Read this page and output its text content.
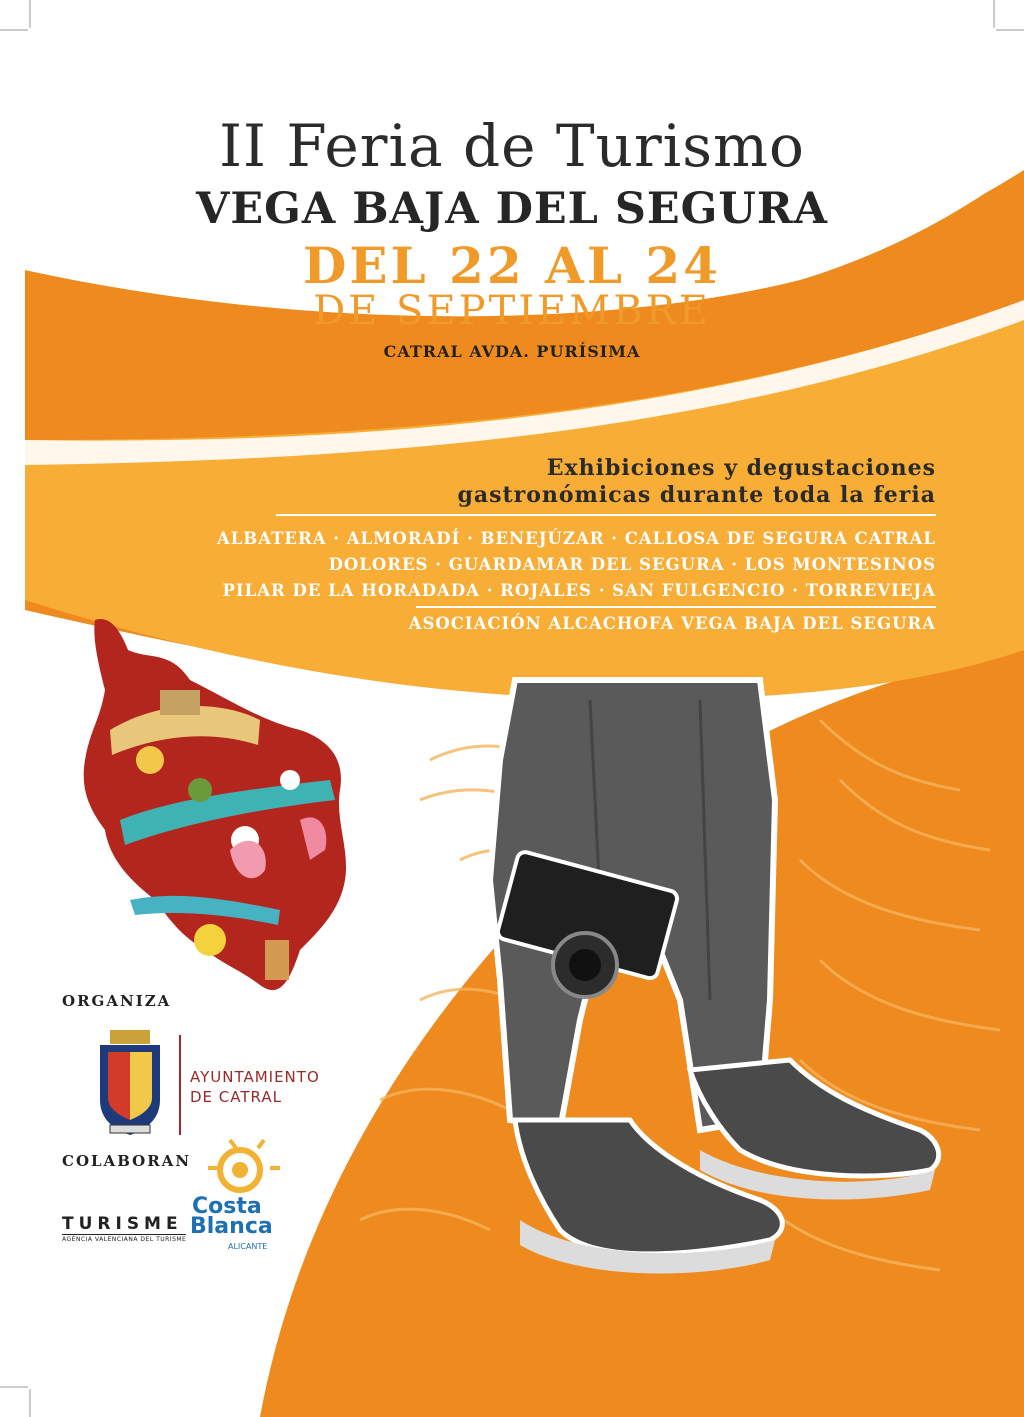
II Feria de Turismo
VEGA BAJA DEL SEGURA
DEL 22 AL 24
DE SEPTIEMBRE
CATRAL AVDA. PURÍSIMA
Exhibiciones y degustaciones
gastronómicas durante toda la feria
ALBATERA · ALMORADÍ · BENEJÚZAR · CALLOSA DE SEGURA CATRAL
DOLORES · GUARDAMAR DEL SEGURA · LOS MONTESINOS
PILAR DE LA HORADADA · ROJALES · SAN FULGENCIO · TORREVIEJA
ASOCIACIÓN ALCACHOFA VEGA BAJA DEL SEGURA
ORGANIZA
AYUNTAMIENTO
DE CATRAL
COLABORAN
TURISME
AGÈNCIA VALENCIANA DEL TURISME
Costa
Blanca
ALICANTE
